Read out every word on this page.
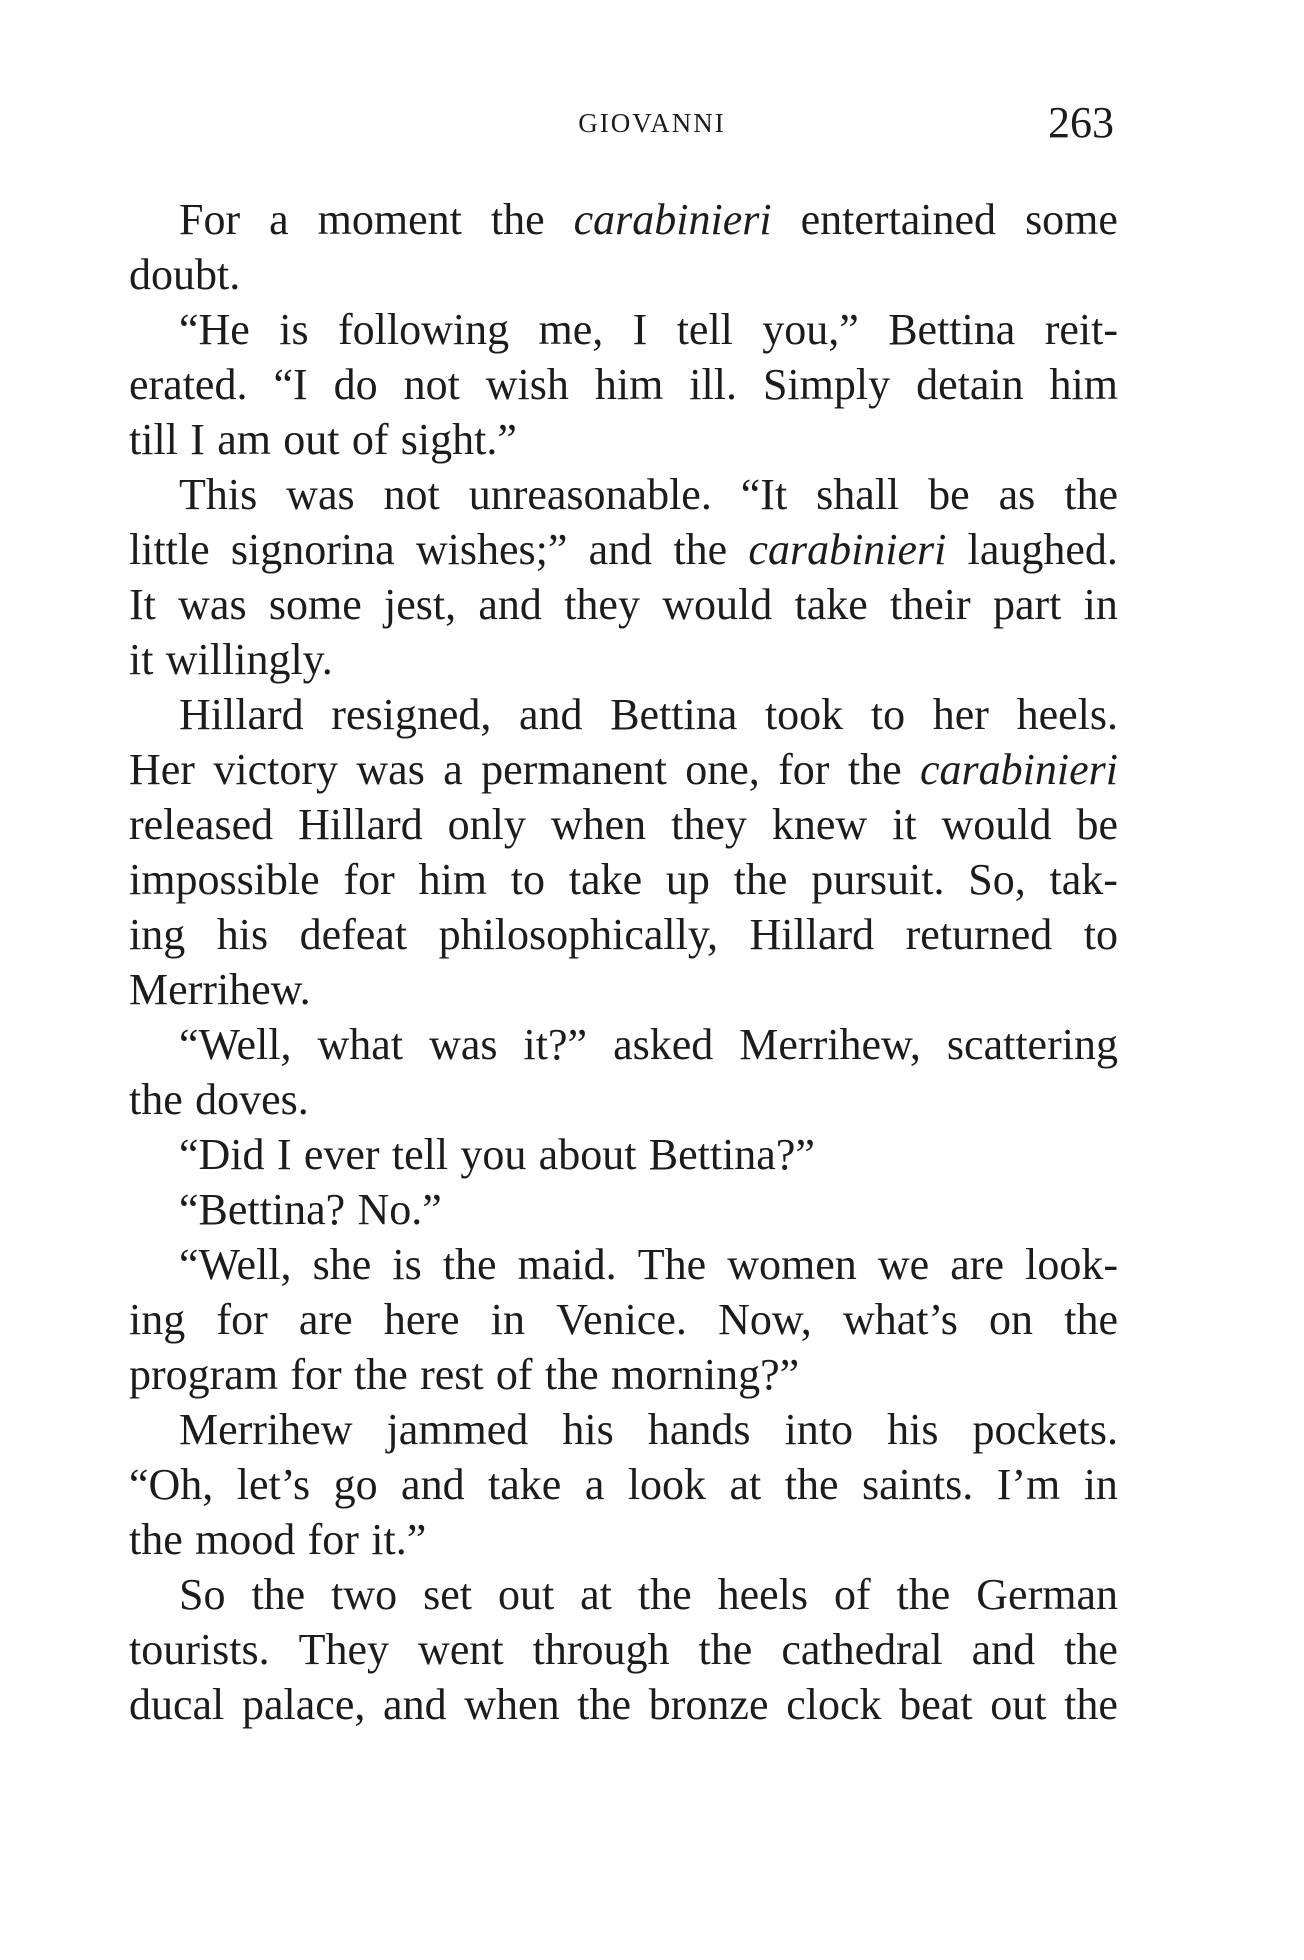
GIOVANNI	263
For a moment the carabinieri entertained some
doubt.
“He is following me, I tell you,” Bettina reit-
erated. “I do not wish him ill. Simply detain him
till I am out of sight.”
This was not unreasonable. “It shall be as the
little signorina wishes;” and the carabinieri laughed.
It was some jest, and they would take their part in
it willingly.
Hillard resigned, and Bettina took to her heels.
Her victory was a permanent one, for the carabinieri
released Hillard only when they knew it would be
impossible for him to take up the pursuit. So, tak-
ing his defeat philosophically, Hillard returned to
Merrihew.
“Well, what was it?” asked Merrihew, scattering
the doves.
“Did I ever tell you about Bettina?”
“Bettina? No.”
“Well, she is the maid. The women we are look-
ing for are here in Venice. Now, what’s on the
program for the rest of the morning?”
Merrihew jammed his hands into his pockets.
“Oh, let’s go and take a look at the saints. I’m in
the mood for it.”
So the two set out at the heels of the German
tourists. They went through the cathedral and the
ducal palace, and when the bronze clock beat out the
